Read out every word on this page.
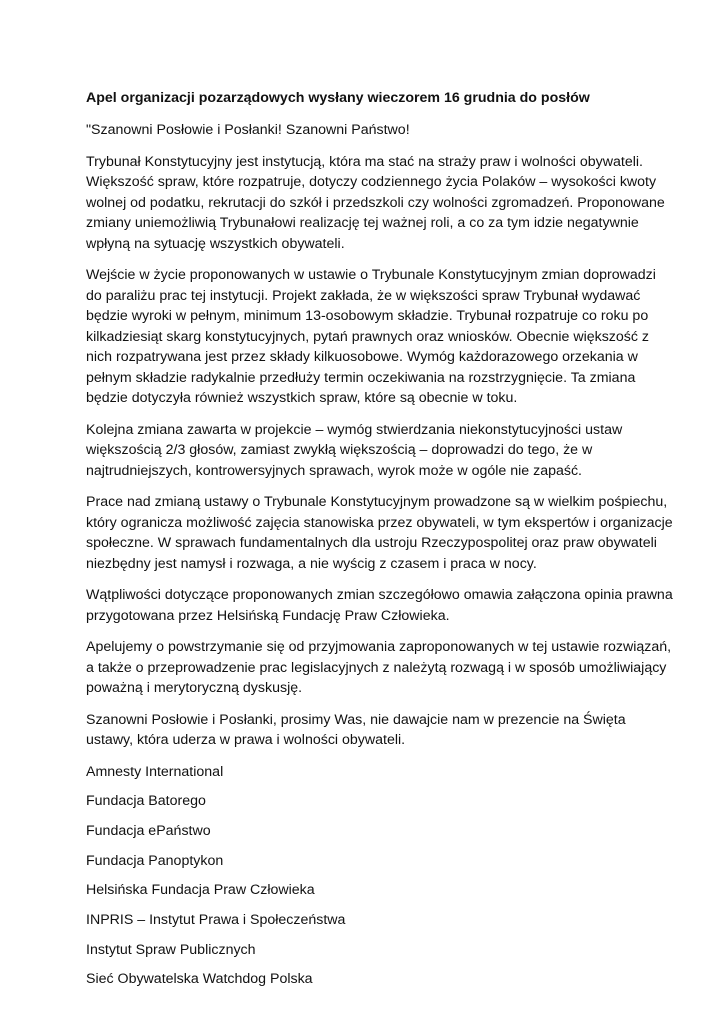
Apel organizacji pozarządowych wysłany wieczorem 16 grudnia do posłów

"Szanowni Posłowie i Posłanki! Szanowni Państwo!

Trybunał Konstytucyjny jest instytucją, która ma stać na straży praw i wolności obywateli. Większość spraw, które rozpatruje, dotyczy codziennego życia Polaków – wysokości kwoty wolnej od podatku, rekrutacji do szkół i przedszkoli czy wolności zgromadzeń. Proponowane zmiany uniemożliwią Trybunałowi realizację tej ważnej roli, a co za tym idzie negatywnie wpłyną na sytuację wszystkich obywateli.

Wejście w życie proponowanych w ustawie o Trybunale Konstytucyjnym zmian doprowadzi do paraliżu prac tej instytucji. Projekt zakłada, że w większości spraw Trybunał wydawać będzie wyroki w pełnym, minimum 13-osobowym składzie. Trybunał rozpatruje co roku po kilkadziesiąt skarg konstytucyjnych, pytań prawnych oraz wniosków. Obecnie większość z nich rozpatrywana jest przez składy kilkuosobowe. Wymóg każdorazowego orzekania w pełnym składzie radykalnie przedłuży termin oczekiwania na rozstrzygnięcie. Ta zmiana będzie dotyczyła również wszystkich spraw, które są obecnie w toku.

Kolejna zmiana zawarta w projekcie – wymóg stwierdzania niekonstytucyjności ustaw większością 2/3 głosów, zamiast zwykłą większością – doprowadzi do tego, że w najtrudniejszych, kontrowersyjnych sprawach, wyrok może w ogóle nie zapaść.

Prace nad zmianą ustawy o Trybunale Konstytucyjnym prowadzone są w wielkim pośpiechu, który ogranicza możliwość zajęcia stanowiska przez obywateli, w tym ekspertów i organizacje społeczne. W sprawach fundamentalnych dla ustroju Rzeczypospolitej oraz praw obywateli niezbędny jest namysł i rozwaga, a nie wyścig z czasem i praca w nocy.

Wątpliwości dotyczące proponowanych zmian szczegółowo omawia załączona opinia prawna przygotowana przez Helsińską Fundację Praw Człowieka.

Apelujemy o powstrzymanie się od przyjmowania zaproponowanych w tej ustawie rozwiązań, a także o przeprowadzenie prac legislacyjnych z należytą rozwagą i w sposób umożliwiający poważną i merytoryczną dyskusję.

Szanowni Posłowie i Posłanki, prosimy Was, nie dawajcie nam w prezencie na Święta ustawy, która uderza w prawa i wolności obywateli.

Amnesty International
Fundacja Batorego
Fundacja ePaństwo
Fundacja Panoptykon
Helsińska Fundacja Praw Człowieka
INPRIS – Instytut Prawa i Społeczeństwa
Instytut Spraw Publicznych
Sieć Obywatelska Watchdog Polska
